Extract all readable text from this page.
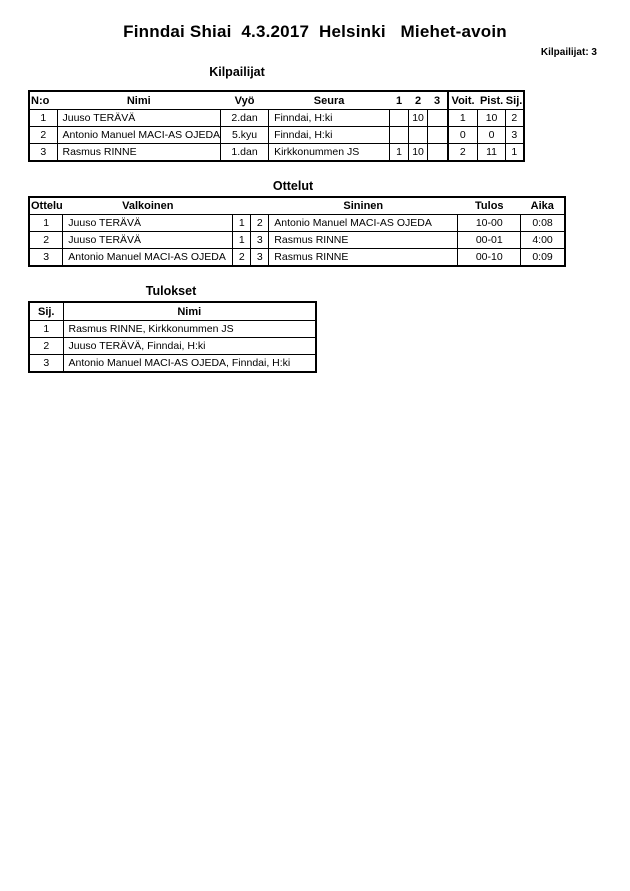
Finndai Shiai  4.3.2017  Helsinki   Miehet-avoin
Kilpailijat: 3
Kilpailijat
N:o	Nimi	Vyö	Seura	1	2	3	Voit.	Pist.	Sij.
1	Juuso TERÄVÄ	2.dan	Finndai, H:ki		10		1	10	2
2	Antonio Manuel MACI-AS OJEDA	5.kyu	Finndai, H:ki				0	0	3
3	Rasmus RINNE	1.dan	Kirkkonummen JS	1	10		2	11	1
Ottelut
Ottelu	Valkoinen			Sininen	Tulos	Aika
1	Juuso TERÄVÄ	1	2	Antonio Manuel MACI-AS OJEDA	10-00	0:08
2	Juuso TERÄVÄ	1	3	Rasmus RINNE	00-01	4:00
3	Antonio Manuel MACI-AS OJEDA	2	3	Rasmus RINNE	00-10	0:09
Tulokset
Sij.	Nimi
1	Rasmus RINNE, Kirkkonummen JS
2	Juuso TERÄVÄ, Finndai, H:ki
3	Antonio Manuel MACI-AS OJEDA, Finndai, H:ki
